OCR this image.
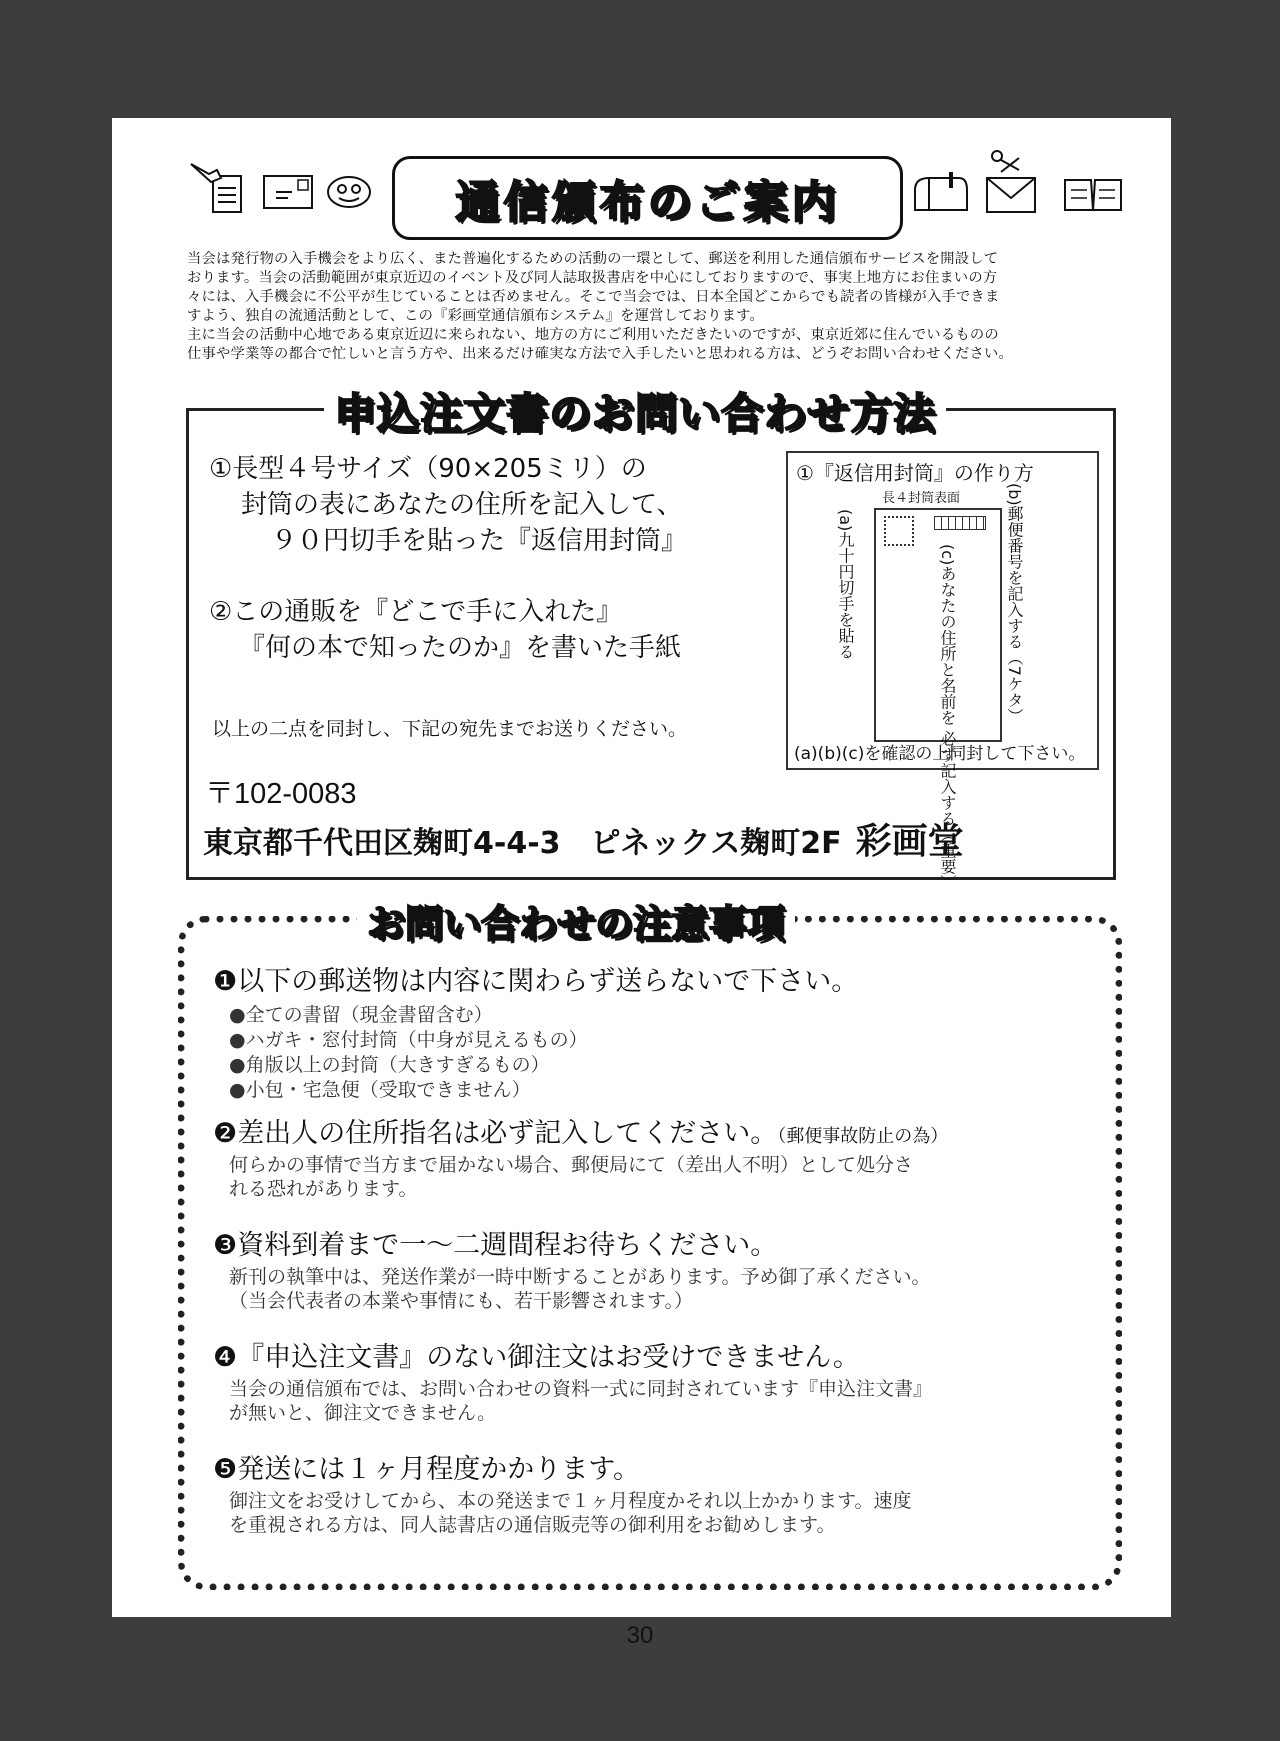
通信頒布のご案内

当会は発行物の入手機会をより広く、また普遍化するための活動の一環として、郵送を利用した通信頒布サービスを開設して

おります。当会の活動範囲が東京近辺のイベント及び同人誌取扱書店を中心にしておりますので、事実上地方にお住まいの方

々には、入手機会に不公平が生じていることは否めません。そこで当会では、日本全国どこからでも読者の皆様が入手できま

すよう、独自の流通活動として、この『彩画堂通信頒布システム』を運営しております。

主に当会の活動中心地である東京近辺に来られない、地方の方にご利用いただきたいのですが、東京近郊に住んでいるものの

仕事や学業等の都合で忙しいと言う方や、出来るだけ確実な方法で入手したいと思われる方は、どうぞお問い合わせください。

申込注文書のお問い合わせ方法
①長型４号サイズ（90×205ミリ）の
封筒の表にあなたの住所を記入して、
９０円切手を貼った『返信用封筒』
②この通販を『どこで手に入れた』
『何の本で知ったのか』を書いた手紙
以上の二点を同封し、下記の宛先までお送りください。
〒102-0083
東京都千代田区麹町4-4-3　ピネックス麹町2F 彩画堂
①『返信用封筒』の作り方
長４封筒表面
(a)九十円切手を貼る	(c)あなたの住所と名前を 必ず記入する（重要）
(b)郵便番号を記入する（7ケタ）
(a)(b)(c)を確認の上同封して下さい。
お問い合わせの注意事項
❶以下の郵送物は内容に関わらず送らないで下さい。
● 全ての書留（現金書留含む）
● ハガキ・窓付封筒（中身が見えるもの）
● 角版以上の封筒（大きすぎるもの）
● 小包・宅急便（受取できません）
❷差出人の住所指名は必ず記入してください。（郵便事故防止の為）
何らかの事情で当方まで届かない場合、郵便局にて（差出人不明）として処分さ
れる恐れがあります。
❸資料到着まで一～二週間程お待ちください。
新刊の執筆中は、発送作業が一時中断することがあります。予め御了承ください。
（当会代表者の本業や事情にも、若干影響されます。）
❹『申込注文書』のない御注文はお受けできません。
当会の通信頒布では、お問い合わせの資料一式に同封されています『申込注文書』
が無いと、御注文できません。
❺発送には１ヶ月程度かかります。
御注文をお受けしてから、本の発送まで１ヶ月程度かそれ以上かかります。速度
を重視される方は、同人誌書店の通信販売等の御利用をお勧めします。
30
